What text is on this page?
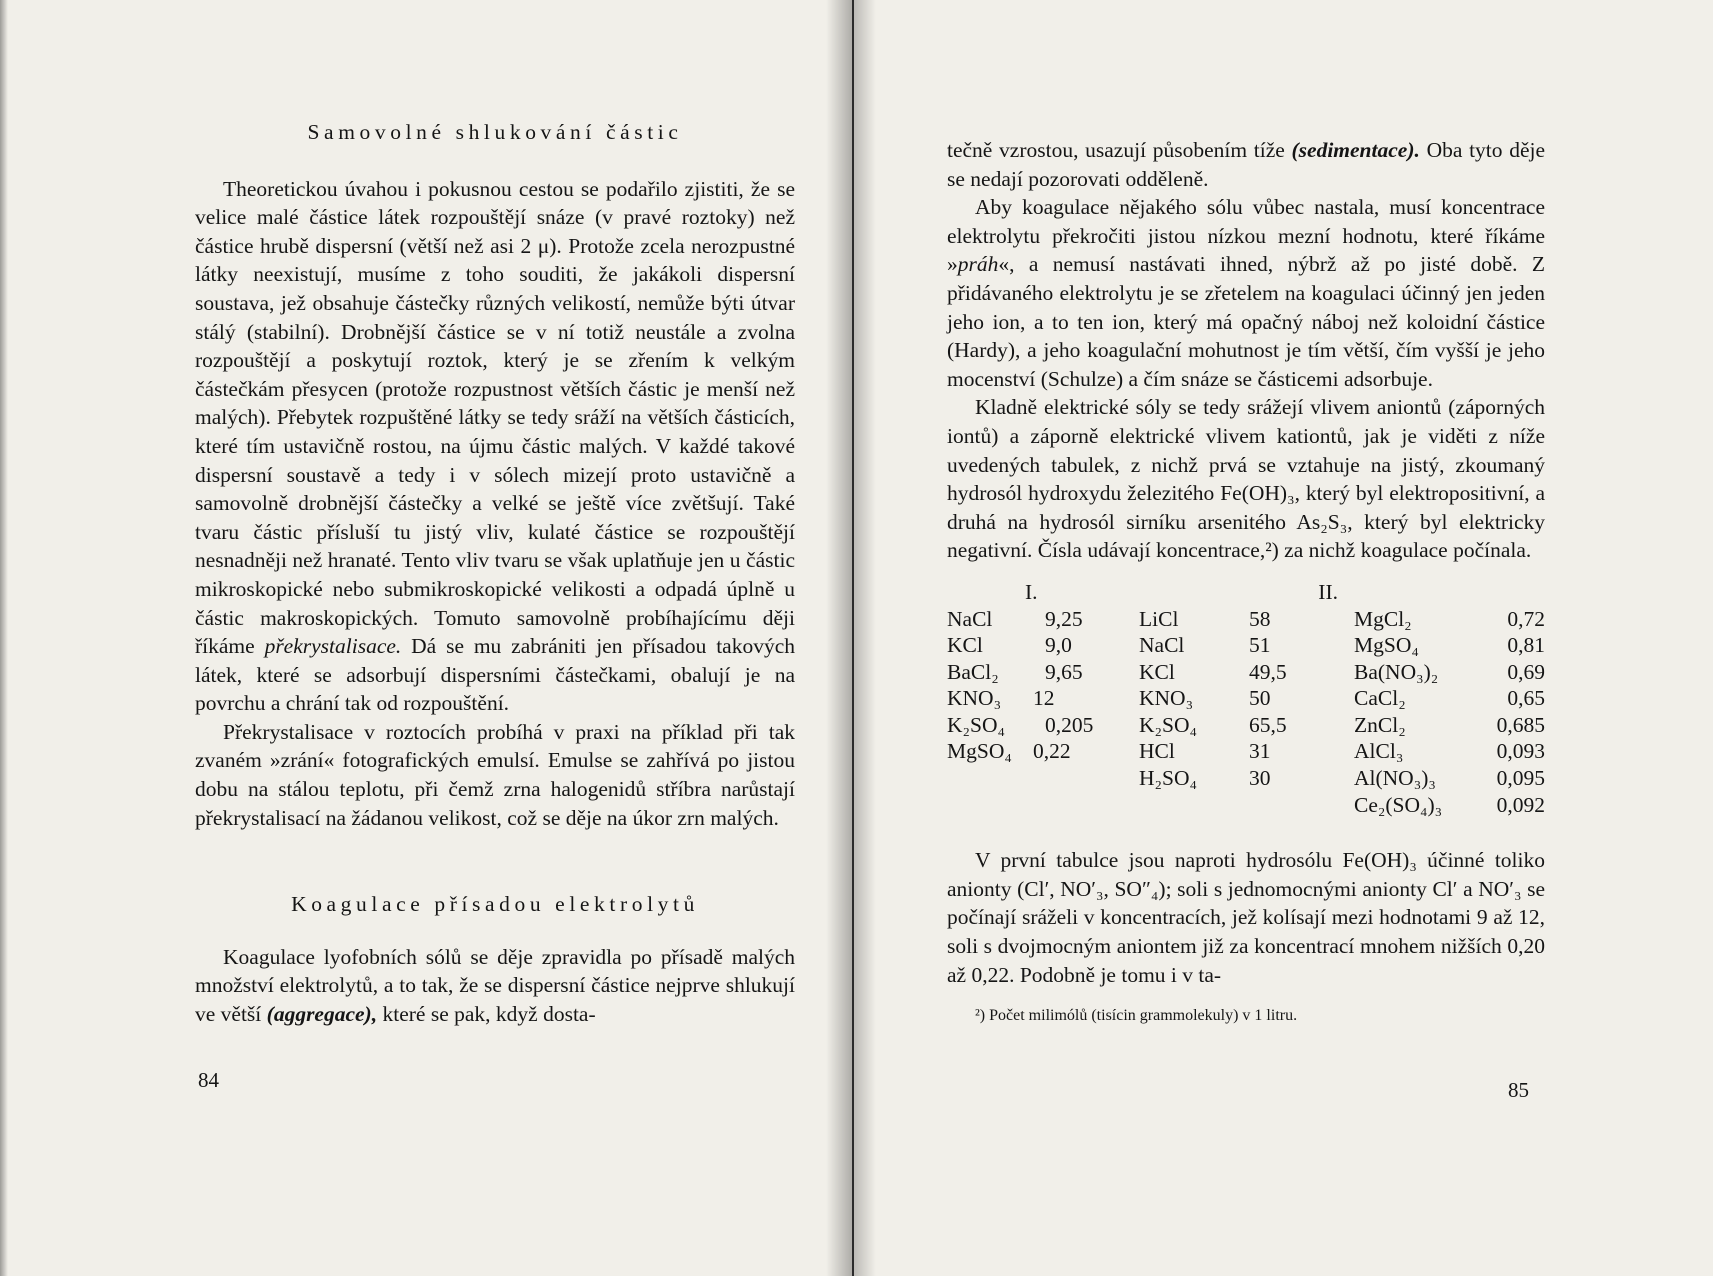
Samovolné shlukování částic

Theoretickou úvahou i pokusnou cestou se podařilo zjistiti, že se velice malé částice látek rozpouštějí snáze (v pravé roztoky) než částice hrubě dispersní (větší než asi 2 μ). Protože zcela nerozpustné látky neexistují, musíme z toho souditi, že jakákoli dispersní soustava, jež obsahuje částečky různých velikostí, nemůže býti útvar stálý (stabilní). Drobnější částice se v ní totiž neustále a zvolna rozpouštějí a poskytují roztok, který je se zřením k velkým částečkám přesycen (protože rozpustnost větších částic je menší než malých). Přebytek rozpuštěné látky se tedy sráží na větších částicích, které tím ustavičně rostou, na újmu částic malých. V každé takové dispersní soustavě a tedy i v sólech mizejí proto ustavičně a samovolně drobnější částečky a velké se ještě více zvětšují. Také tvaru částic přísluší tu jistý vliv, kulaté částice se rozpouštějí nesnadněji než hranaté. Tento vliv tvaru se však uplatňuje jen u částic mikroskopické nebo submikroskopické velikosti a odpadá úplně u částic makroskopických. Tomuto samovolně probíhajícímu ději říkáme překrystalisace. Dá se mu zabrániti jen přísadou takových látek, které se adsorbují dispersními částečkami, obalují je na povrchu a chrání tak od rozpouštění.

Překrystalisace v roztocích probíhá v praxi na příklad při tak zvaném »zrání« fotografických emulsí. Emulse se zahřívá po jistou dobu na stálou teplotu, při čemž zrna halogenidů stříbra narůstají překrystalisací na žádanou velikost, což se děje na úkor zrn malých.

Koagulace přísadou elektrolytů

Koagulace lyofobních sólů se děje zpravidla po přísadě malých množství elektrolytů, a to tak, že se dispersní částice nejprve shlukují ve větší (aggregace), které se pak, když dosta-

84

tečně vzrostou, usazují působením tíže (sedimentace). Oba tyto děje se nedají pozorovati odděleně.

Aby koagulace nějakého sólu vůbec nastala, musí koncentrace elektrolytu překročiti jistou nízkou mezní hodnotu, které říkáme »práh«, a nemusí nastávati ihned, nýbrž až po jisté době. Z přidávaného elektrolytu je se zřetelem na koagulaci účinný jen jeden jeho ion, a to ten ion, který má opačný náboj než koloidní částice (Hardy), a jeho koagulační mohutnost je tím větší, čím vyšší je jeho mocenství (Schulze) a čím snáze se částicemi adsorbuje.

Kladně elektrické sóly se tedy srážejí vlivem aniontů (záporných iontů) a záporně elektrické vlivem kationtů, jak je viděti z níže uvedených tabulek, z nichž prvá se vztahuje na jistý, zkoumaný hydrosól hydroxydu železitého Fe(OH)₃, který byl elektropositivní, a druhá na hydrosól sirníku arsenitého As₂S₃, který byl elektricky negativní. Čísla udávají koncentrace,²) za nichž koagulace počínala.

	I.		II.		
NaCl	9,25	LiCl	58	MgCl₂	0,72
KCl	9,0	NaCl	51	MgSO₄	0,81
BaCl₂	9,65	KCl	49,5	Ba(NO₃)₂	0,69
KNO₃	12	KNO₃	50	CaCl₂	0,65
K₂SO₄	0,205	K₂SO₄	65,5	ZnCl₂	0,685
MgSO₄	0,22	HCl	31	AlCl₃	0,093
		H₂SO₄	30	Al(NO₃)₃	0,095
				Ce₂(SO₄)₃	0,092

V první tabulce jsou naproti hydrosólu Fe(OH)₃ účinné toliko anionty (Cl′, NO′₃, SO″₄); soli s jednomocnými anionty Cl′ a NO′₃ se počínají sráželi v koncentracích, jež kolísají mezi hodnotami 9 až 12, soli s dvojmocným aniontem již za koncentrací mnohem nižších 0,20 až 0,22. Podobně je tomu i v ta-

²) Počet milimólů (tisícin grammolekuly) v 1 litru.
85
